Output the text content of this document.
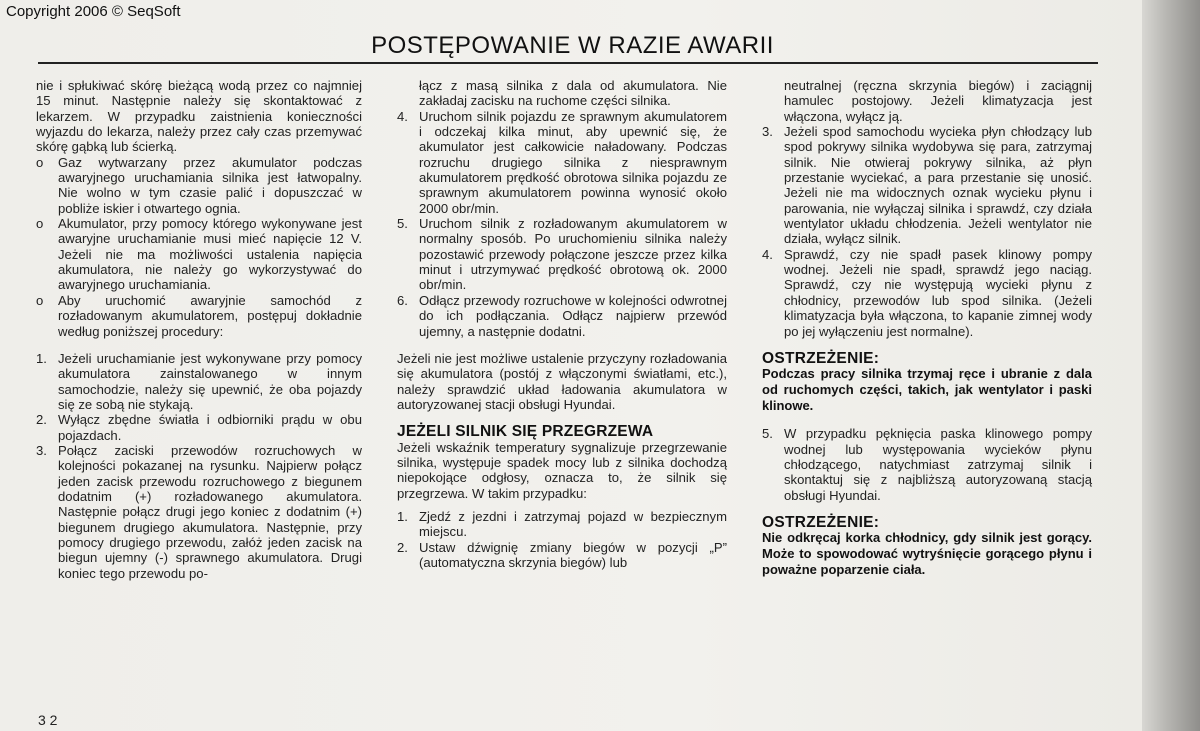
Copyright 2006 © SeqSoft
POSTĘPOWANIE W RAZIE AWARII

nie i spłukiwać skórę bieżącą wodą przez co najmniej 15 minut. Następnie należy się skontaktować z lekarzem. W przypadku zaistnienia konieczności wyjazdu do lekarza, należy przez cały czas przemywać skórę gąbką lub ścierką.

o	Gaz wytwarzany przez akumulator podczas awaryjnego uruchamiania silnika jest łatwopalny. Nie wolno w tym czasie palić i dopuszczać w pobliże iskier i otwartego ognia.
o	Akumulator, przy pomocy którego wykonywane jest awaryjne uruchamianie musi mieć napięcie 12 V. Jeżeli nie ma możliwości ustalenia napięcia akumulatora, nie należy go wykorzystywać do awaryjnego uruchamiania.
o	Aby uruchomić awaryjnie samochód z rozładowanym akumulatorem, postępuj dokładnie według poniższej procedury:
1. Jeżeli uruchamianie jest wykonywane przy pomocy akumulatora zainstalowanego w innym samochodzie, należy się upewnić, że oba pojazdy się ze sobą nie stykają.
2. Wyłącz zbędne światła i odbiorniki prądu w obu pojazdach.
3. Połącz zaciski przewodów rozruchowych w kolejności pokazanej na rysunku. Najpierw połącz jeden zacisk przewodu rozruchowego z biegunem dodatnim (+) rozładowanego akumulatora. Następnie połącz drugi jego koniec z dodatnim (+) biegunem drugiego akumulatora. Następnie, przy pomocy drugiego przewodu, załóż jeden zacisk na biegun ujemny (-) sprawnego akumulatora. Drugi koniec tego przewodu po-

łącz z masą silnika z dala od akumulatora. Nie zakładaj zacisku na ruchome części silnika.

4. Uruchom silnik pojazdu ze sprawnym akumulatorem i odczekaj kilka minut, aby upewnić się, że akumulator jest całkowicie naładowany. Podczas rozruchu drugiego silnika z niesprawnym akumulatorem prędkość obrotowa silnika pojazdu ze sprawnym akumulatorem powinna wynosić około 2000 obr/min.
5. Uruchom silnik z rozładowanym akumulatorem w normalny sposób. Po uruchomieniu silnika należy pozostawić przewody połączone jeszcze przez kilka minut i utrzymywać prędkość obrotową ok. 2000 obr/min.
6. Odłącz przewody rozruchowe w kolejności odwrotnej do ich podłączania. Odłącz najpierw przewód ujemny, a następnie dodatni.

Jeżeli nie jest możliwe ustalenie przyczyny rozładowania się akumulatora (postój z włączonymi światłami, etc.), należy sprawdzić układ ładowania akumulatora w autoryzowanej stacji obsługi Hyundai.

JEŻELI SILNIK SIĘ PRZEGRZEWA

Jeżeli wskaźnik temperatury sygnalizuje przegrzewanie silnika, występuje spadek mocy lub z silnika dochodzą niepokojące odgłosy, oznacza to, że silnik się przegrzewa. W takim przypadku:

1. Zjedź z jezdni i zatrzymaj pojazd w bezpiecznym miejscu.
2. Ustaw dźwignię zmiany biegów w pozycji „P” (automatyczna skrzynia biegów) lub

neutralnej (ręczna skrzynia biegów) i zaciągnij hamulec postojowy. Jeżeli klimatyzacja jest włączona, wyłącz ją.

3. Jeżeli spod samochodu wycieka płyn chłodzący lub spod pokrywy silnika wydobywa się para, zatrzymaj silnik. Nie otwieraj pokrywy silnika, aż płyn przestanie wyciekać, a para przestanie się unosić. Jeżeli nie ma widocznych oznak wycieku płynu i parowania, nie wyłączaj silnika i sprawdź, czy działa wentylator układu chłodzenia. Jeżeli wentylator nie działa, wyłącz silnik.
4. Sprawdź, czy nie spadł pasek klinowy pompy wodnej. Jeżeli nie spadł, sprawdź jego naciąg. Sprawdź, czy nie występują wycieki płynu z chłodnicy, przewodów lub spod silnika. (Jeżeli klimatyzacja była włączona, to kapanie zimnej wody po jej wyłączeniu jest normalne).
OSTRZEŻENIE:

Podczas pracy silnika trzymaj ręce i ubranie z dala od ruchomych części, takich, jak wentylator i paski klinowe.

5. W przypadku pęknięcia paska klinowego pompy wodnej lub występowania wycieków płynu chłodzącego, natychmiast zatrzymaj silnik i skontaktuj się z najbliższą autoryzowaną stacją obsługi Hyundai.
OSTRZEŻENIE:

Nie odkręcaj korka chłodnicy, gdy silnik jest gorący. Może to spowodować wytryśnięcie gorącego płynu i poważne poparzenie ciała.

3 2
